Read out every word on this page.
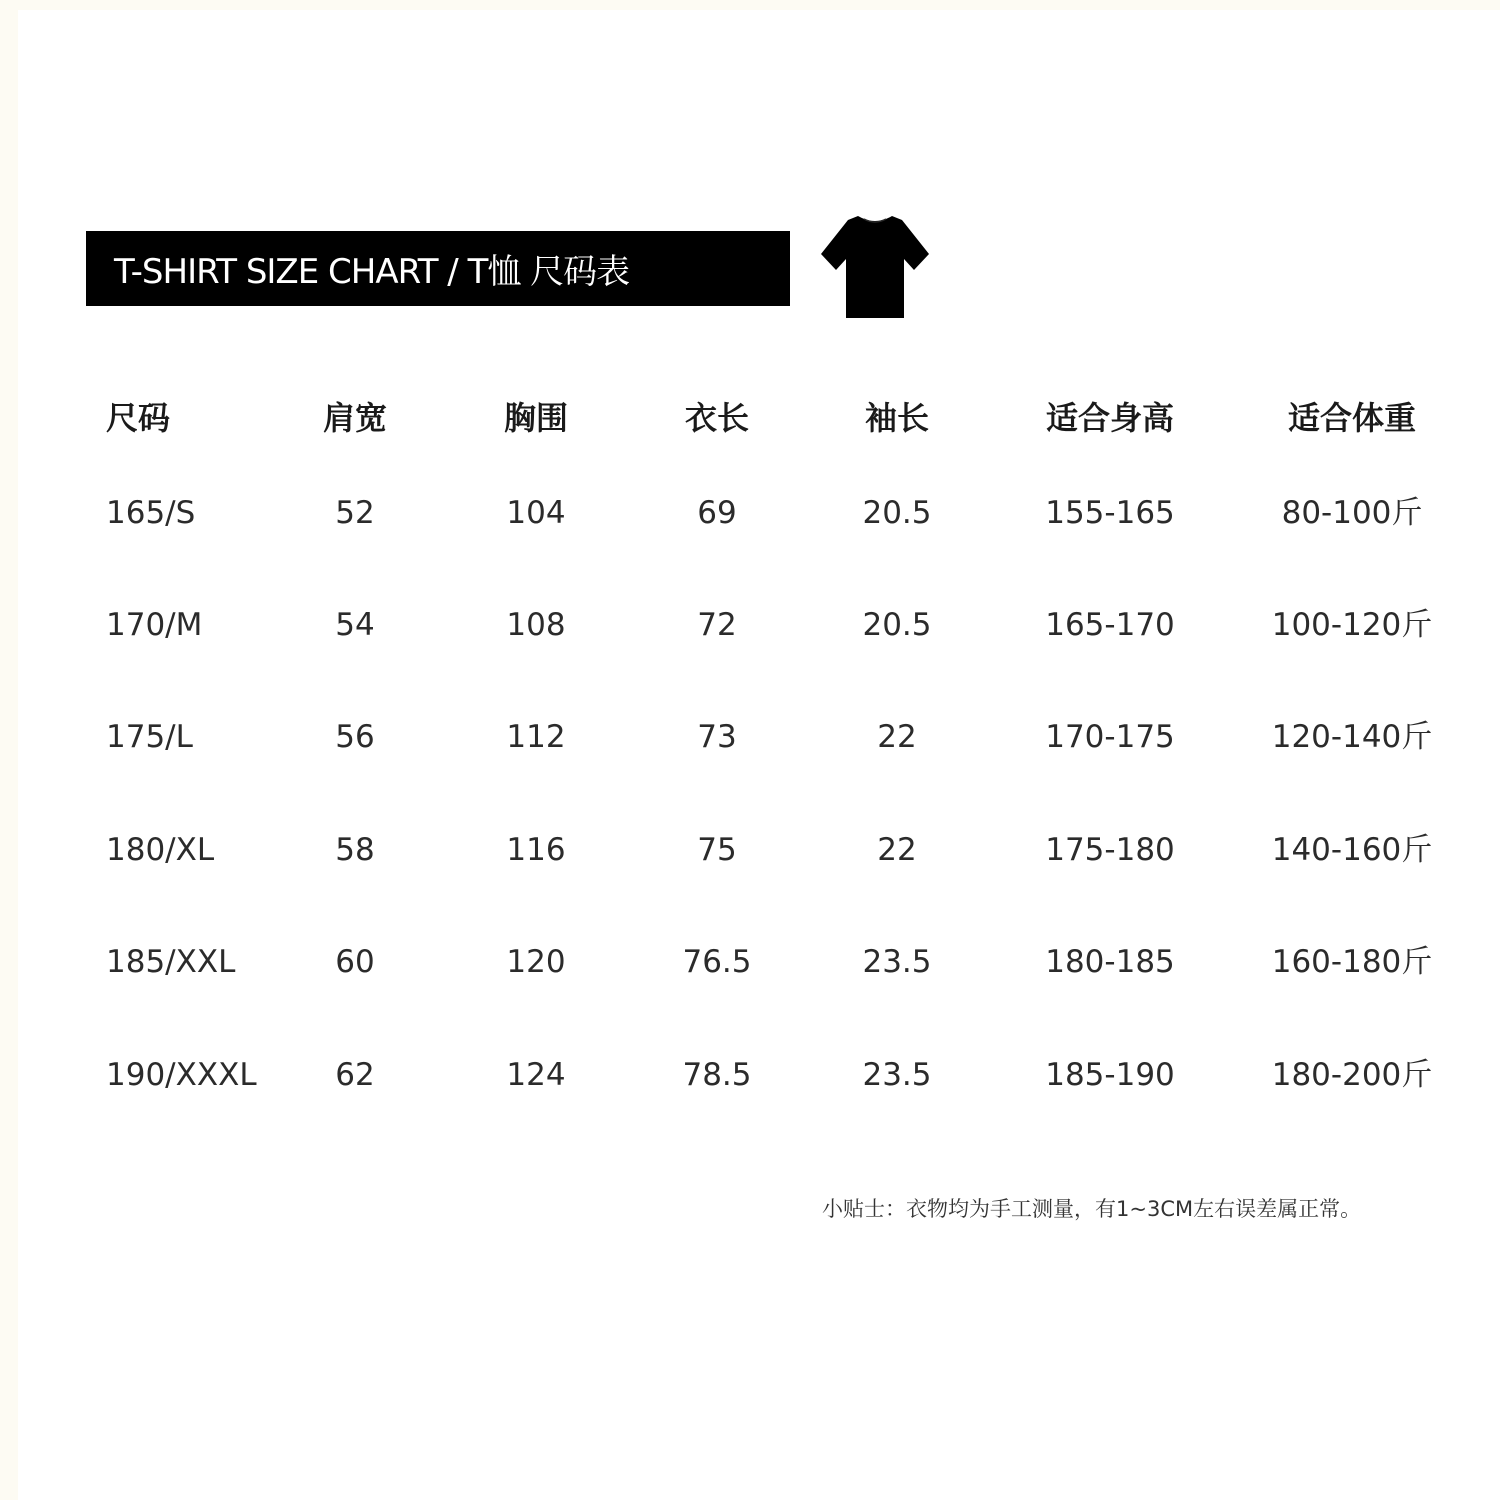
T-SHIRT SIZE CHART / T恤 尺码表
尺码	肩宽	胸围	衣长	袖长	适合身高	适合体重
165/S	52	104	69	20.5	155-165	80-100斤
170/M	54	108	72	20.5	165-170	100-120斤
175/L	56	112	73	22	170-175	120-140斤
180/XL	58	116	75	22	175-180	140-160斤
185/XXL	60	120	76.5	23.5	180-185	160-180斤
190/XXXL	62	124	78.5	23.5	185-190	180-200斤
小贴士：衣物均为手工测量，有1~3CM左右误差属正常。
